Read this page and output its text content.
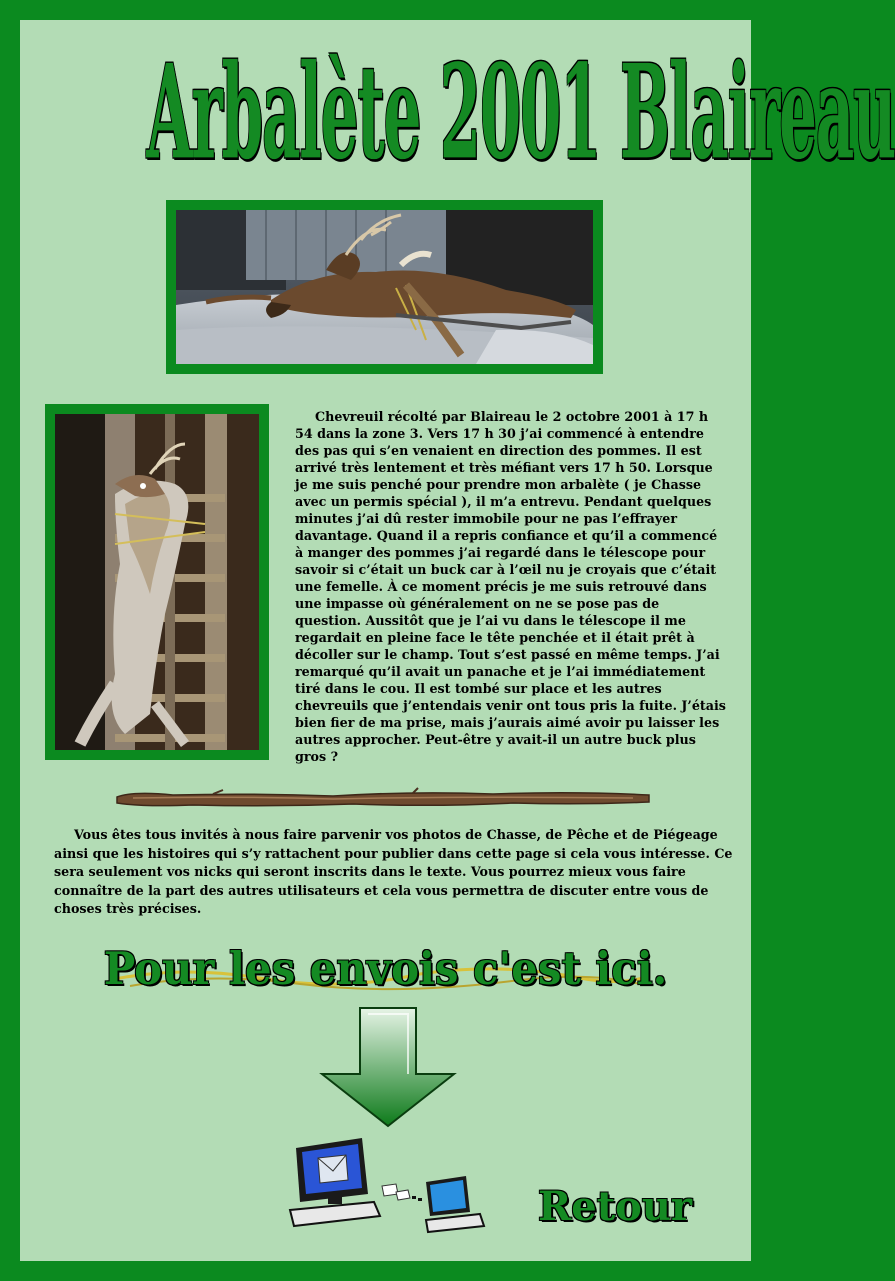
Arbalète 2001 Blaireau

Chevreuil récolté par Blaireau le 2 octobre 2001 à 17 h 54 dans la zone 3. Vers 17 h 30 j’ai commencé à entendre des pas qui s’en venaient en direction des pommes. Il est arrivé très lentement et très méfiant vers 17 h 50. Lorsque je me suis penché pour prendre mon arbalète ( je Chasse avec un permis spécial ), il m’a entrevu. Pendant quelques minutes j’ai dû rester immobile pour ne pas l’effrayer davantage. Quand il a repris confiance et qu’il a commencé à manger des pommes j’ai regardé dans le télescope pour savoir si c’était un buck car à l’œil nu je croyais que c’était une femelle. À ce moment précis je me suis retrouvé dans une impasse où généralement on ne se pose pas de question. Aussitôt que je l’ai vu dans le télescope il me regardait en pleine face le tête penchée et il était prêt à décoller sur le champ. Tout s’est passé en même temps. J’ai remarqué qu’il avait un panache et je l’ai immédiatement tiré dans le cou. Il est tombé sur place et les autres chevreuils que j’entendais venir ont tous pris la fuite. J’étais bien fier de ma prise, mais j’aurais aimé avoir pu laisser les autres approcher. Peut-être y avait-il un autre buck plus gros ?

Vous êtes tous invités à nous faire parvenir vos photos de Chasse, de Pêche et de Piégeage ainsi que les histoires qui s’y rattachent pour publier dans cette page si cela vous intéresse. Ce sera seulement vos nicks qui seront inscrits dans le texte. Vous pourrez mieux vous faire connaître de la part des autres utilisateurs et cela vous permettra de discuter entre vous de choses très précises.

Pour les envois c'est ici.
Retour
